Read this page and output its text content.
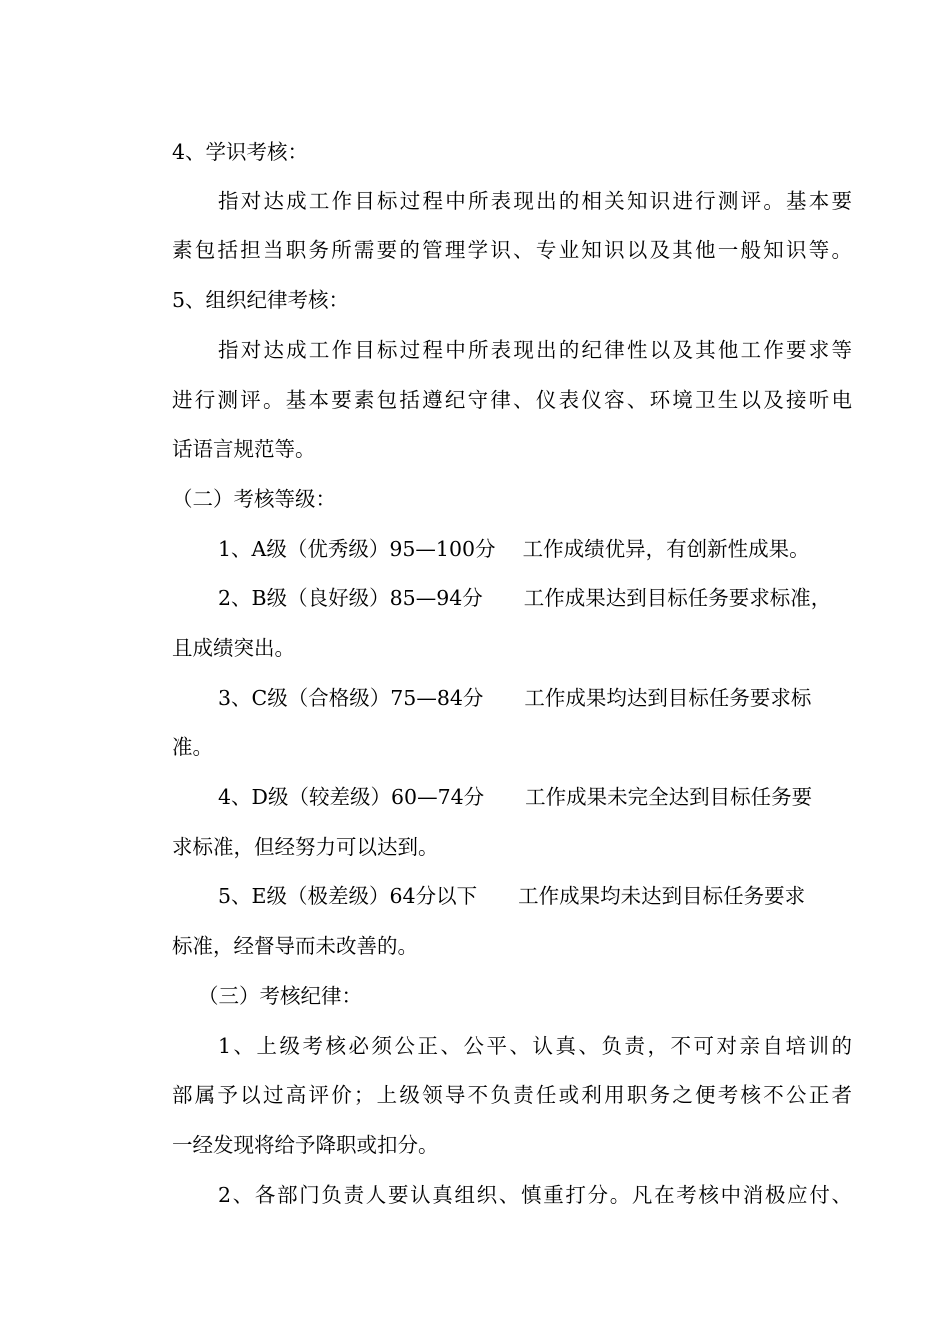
4、学识考核：

指对达成工作目标过程中所表现出的相关知识进行测评。基本要

素包括担当职务所需要的管理学识、专业知识以及其他一般知识等。

5、组织纪律考核：

指对达成工作目标过程中所表现出的纪律性以及其他工作要求等

进行测评。基本要素包括遵纪守律、仪表仪容、环境卫生以及接听电

话语言规范等。

（二）考核等级：

1、A级（优秀级）95—100分　 工作成绩优异，有创新性成果。

2、B级（良好级）85—94分　　工作成果达到目标任务要求标准，

且成绩突出。

3、C级（合格级）75—84分　　工作成果均达到目标任务要求标

准。

4、D级（较差级）60—74分　　工作成果未完全达到目标任务要

求标准，但经努力可以达到。

5、E级（极差级）64分以下　　工作成果均未达到目标任务要求

标准，经督导而未改善的。

（三）考核纪律：

1、上级考核必须公正、公平、认真、负责，不可对亲自培训的

部属予以过高评价；上级领导不负责任或利用职务之便考核不公正者

一经发现将给予降职或扣分。

2、各部门负责人要认真组织、慎重打分。凡在考核中消极应付、
